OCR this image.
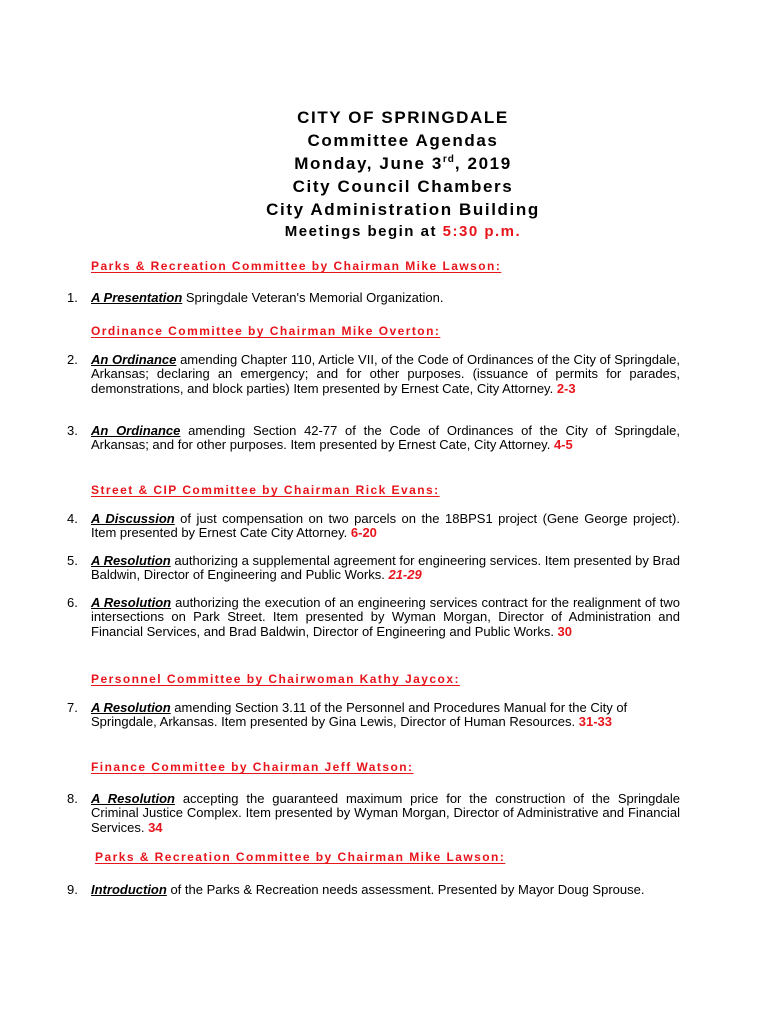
CITY OF SPRINGDALE
Committee Agendas
Monday, June 3rd, 2019
City Council Chambers
City Administration Building
Meetings begin at 5:30 p.m.
Parks & Recreation Committee by Chairman Mike Lawson:
1.	A Presentation Springdale Veteran's Memorial Organization.
Ordinance Committee by Chairman Mike Overton:
2.	An Ordinance amending Chapter 110, Article VII, of the Code of Ordinances of the City of Springdale, Arkansas; declaring an emergency; and for other purposes. (issuance of permits for parades, demonstrations, and block parties) Item presented by Ernest Cate, City Attorney. 2-3
3.	An Ordinance amending Section 42-77 of the Code of Ordinances of the City of Springdale, Arkansas; and for other purposes. Item presented by Ernest Cate, City Attorney. 4-5
Street & CIP Committee by Chairman Rick Evans:
4.	A Discussion of just compensation on two parcels on the 18BPS1 project (Gene George project). Item presented by Ernest Cate City Attorney. 6-20
5.	A Resolution authorizing a supplemental agreement for engineering services. Item presented by Brad Baldwin, Director of Engineering and Public Works. 21-29
6.	A Resolution authorizing the execution of an engineering services contract for the realignment of two intersections on Park Street. Item presented by Wyman Morgan, Director of Administration and Financial Services, and Brad Baldwin, Director of Engineering and Public Works. 30
Personnel Committee by Chairwoman Kathy Jaycox:
7.	A Resolution amending Section 3.11 of the Personnel and Procedures Manual for the City of Springdale, Arkansas. Item presented by Gina Lewis, Director of Human Resources. 31-33
Finance Committee by Chairman Jeff Watson:
8.	A Resolution accepting the guaranteed maximum price for the construction of the Springdale Criminal Justice Complex. Item presented by Wyman Morgan, Director of Administrative and Financial Services. 34
Parks & Recreation Committee by Chairman Mike Lawson:
9.	Introduction of the Parks & Recreation needs assessment. Presented by Mayor Doug Sprouse.
